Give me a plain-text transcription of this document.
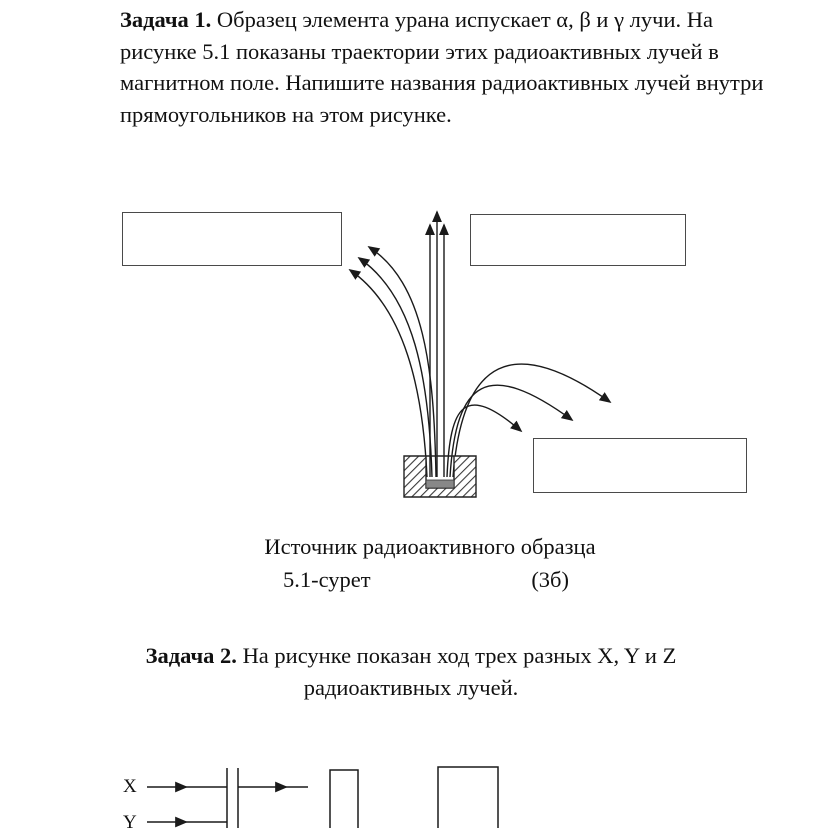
Задача 1. Образец элемента урана испускает α, β и γ лучи. На рисунке 5.1 показаны траектории этих радиоактивных лучей в магнитном поле. Напишите названия радиоактивных лучей внутри прямоугольников на этом рисунке.

Источник радиоактивного образца

5.1-сурет	(3б)

Задача 2. На рисунке показан ход трех разных X, Y и Z радиоактивных лучей.

X
Y
